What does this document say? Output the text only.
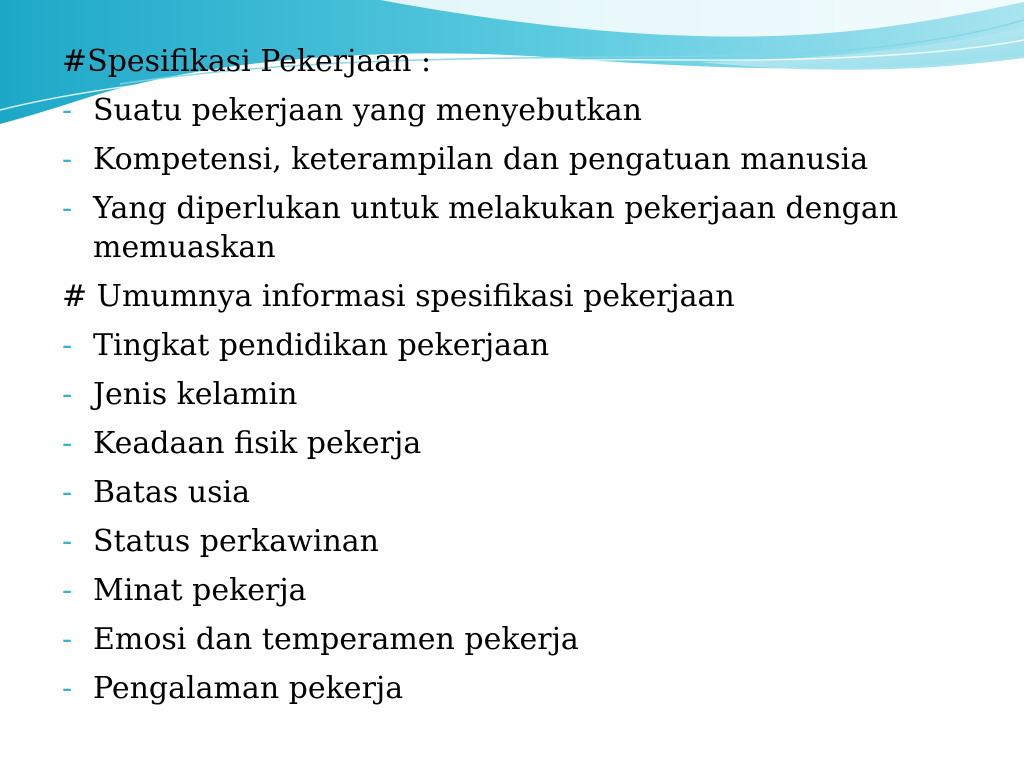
#Spesifikasi Pekerjaan :
- Suatu pekerjaan yang menyebutkan
- Kompetensi, keterampilan dan pengatuan manusia
- Yang diperlukan untuk melakukan pekerjaan dengan memuaskan
# Umumnya informasi spesifikasi pekerjaan
- Tingkat pendidikan pekerjaan
- Jenis kelamin
- Keadaan fisik pekerja
- Batas usia
- Status perkawinan
- Minat pekerja
- Emosi dan temperamen pekerja
- Pengalaman pekerja
